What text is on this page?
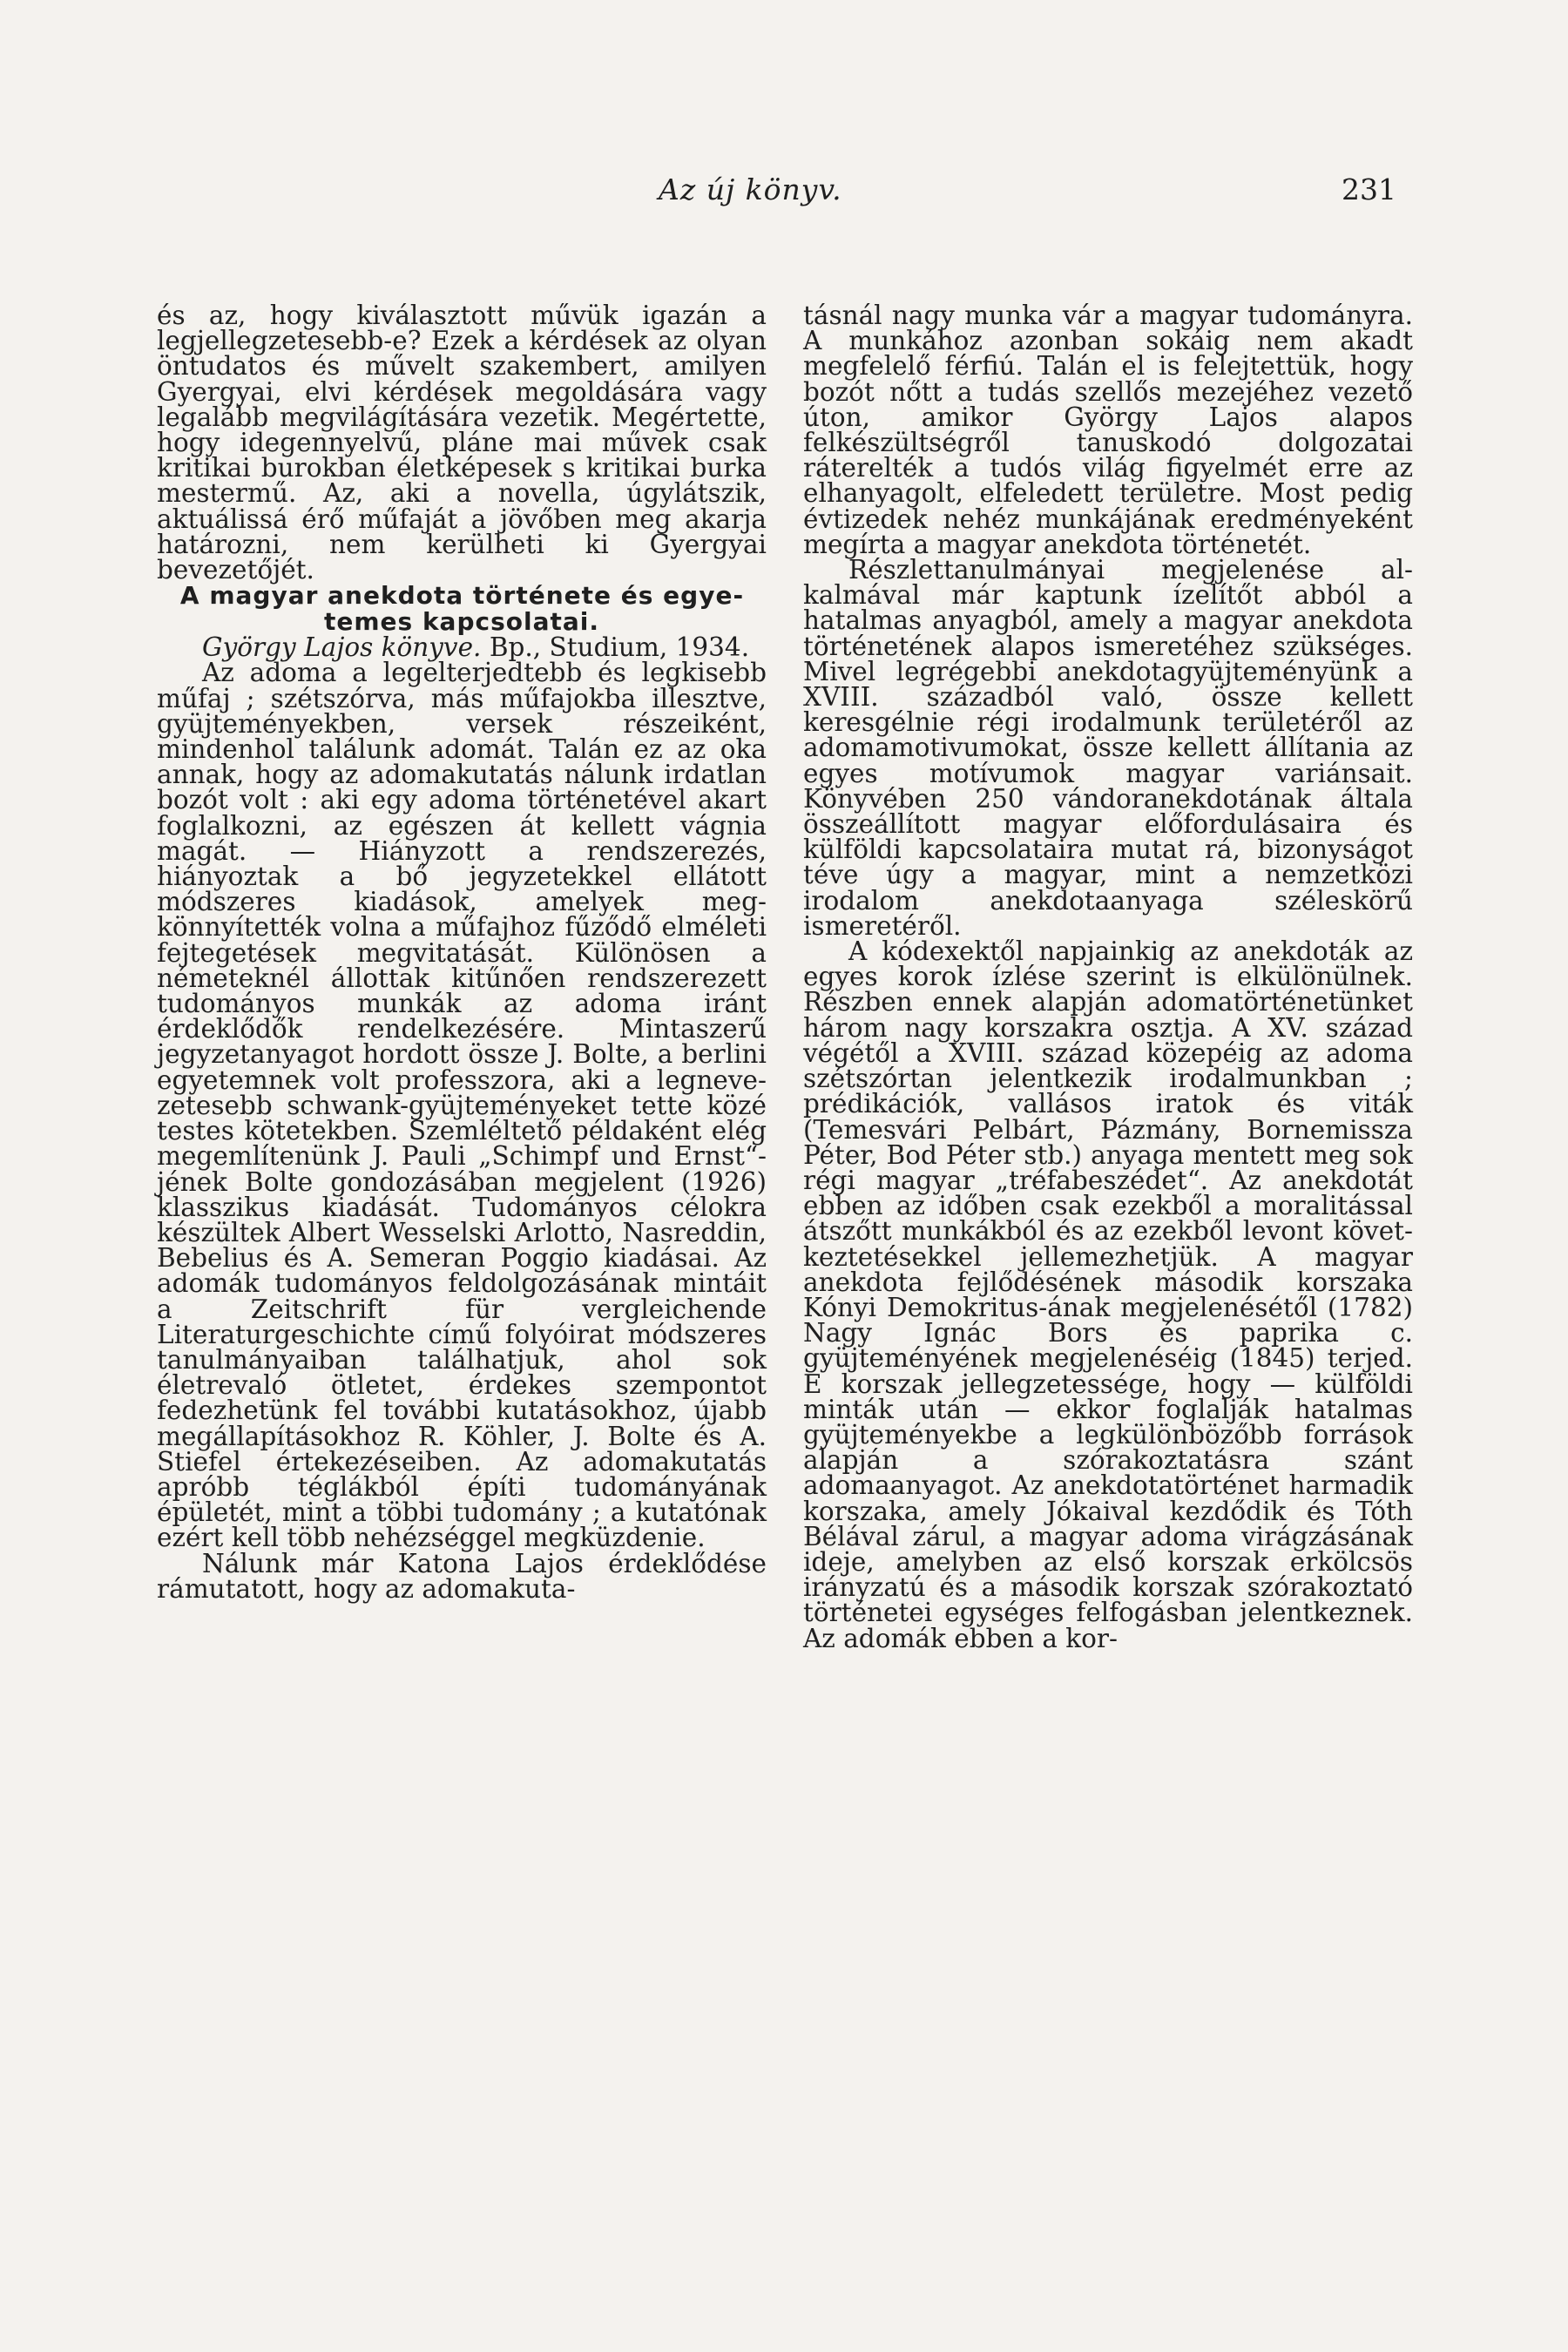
Az új könyv.	231

és az, hogy kiválasztott művük igazán a legjellegzetesebb-e? Ezek a kérdések az olyan öntudatos és művelt szakembert, amilyen Gyergyai, elvi kérdések megoldására vagy legalább megvilágítására vezetik. Megértette, hogy idegennyelvű, pláne mai művek csak kritikai burokban életképesek s kritikai burka mestermű. Az, aki a novella, úgylátszik, aktuálissá érő műfaját a jövőben meg akarja határozni, nem kerülheti ki Gyergyai bevezetőjét.

A magyar anekdota története és egyetemes kapcsolatai.

György Lajos könyve. Bp., Studium, 1934.

Az adoma a legelterjedtebb és legkisebb műfaj ; szétszórva, más műfajokba illesztve, gyüjteményekben, versek részeiként, mindenhol találunk adomát. Talán ez az oka annak, hogy az adomakutatás nálunk irdatlan bozót volt : aki egy adoma történetével akart foglalkozni, az egészen át kellett vágnia magát. — Hiányzott a rendszerezés, hiányoztak a bő jegyzetekkel ellátott módszeres kiadások, amelyek megkönnyítették volna a műfajhoz fűződő elméleti fejtegetések megvitatását. Különösen a németeknél állottak kitűnően rendszerezett tudományos munkák az adoma iránt érdeklődők rendelkezésére. Mintaszerű jegyzetanyagot hordott össze J. Bolte, a berlini egyetemnek volt professzora, aki a legnevezetesebb schwank-gyüjteményeket tette közé testes kötetekben. Szemléltető példaként elég megemlítenünk J. Pauli „Schimpf und Ernst“-jének Bolte gondozásában megjelent (1926) klasszikus kiadását. Tudományos célokra készültek Albert Wesselski Arlotto, Nasreddin, Bebelius és A. Semeran Poggio kiadásai. Az adomák tudományos feldolgozásának mintáit a Zeitschrift für vergleichende Literaturgeschichte című folyóirat módszeres tanulmányaiban találhatjuk, ahol sok életrevaló ötletet, érdekes szempontot fedezhetünk fel további kutatásokhoz, újabb megállapításokhoz R. Köhler, J. Bolte és A. Stiefel értekezéseiben. Az adomakutatás apróbb téglákból építi tudományának épületét, mint a többi tudomány ; a kutatónak ezért kell több nehézséggel megküzdenie.

Nálunk már Katona Lajos érdeklődése rámutatott, hogy az adomakuta-

tásnál nagy munka vár a magyar tudományra. A munkához azonban sokáig nem akadt megfelelő férfiú. Talán el is felejtettük, hogy bozót nőtt a tudás szellős mezejéhez vezető úton, amikor György Lajos alapos felkészültségről tanuskodó dolgozatai ráterelték a tudós világ figyelmét erre az elhanyagolt, elfeledett területre. Most pedig évtizedek nehéz munkájának eredményeként megírta a magyar anekdota történetét.

Részlettanulmányai megjelenése alkalmával már kaptunk ízelítőt abból a hatalmas anyagból, amely a magyar anekdota történetének alapos ismeretéhez szükséges. Mivel legrégebbi anekdotagyüjteményünk a XVIII. századból való, össze kellett keresgélnie régi irodalmunk területéről az adomamotivumokat, össze kellett állítania az egyes motívumok magyar variánsait. Könyvében 250 vándoranekdotának általa összeállított magyar előfordulásaira és külföldi kapcsolataira mutat rá, bizonyságot téve úgy a magyar, mint a nemzetközi irodalom anekdotaanyaga széleskörű ismeretéről.

A kódexektől napjainkig az anekdoták az egyes korok ízlése szerint is elkülönülnek. Részben ennek alapján adomatörténetünket három nagy korszakra osztja. A XV. század végétől a XVIII. század közepéig az adoma szétszórtan jelentkezik irodalmunkban ; prédikációk, vallásos iratok és viták (Temesvári Pelbárt, Pázmány, Bornemissza Péter, Bod Péter stb.) anyaga mentett meg sok régi magyar „tréfabeszédet“. Az anekdotát ebben az időben csak ezekből a moralitással átszőtt munkákból és az ezekből levont következtetésekkel jellemezhetjük. A magyar anekdota fejlődésének második korszaka Kónyi Demokritus-ának megjelenésétől (1782) Nagy Ignác Bors és paprika c. gyüjteményének megjelenéséig (1845) terjed. E korszak jellegzetessége, hogy — külföldi minták után — ekkor foglalják hatalmas gyüjteményekbe a legkülönbözőbb források alapján a szórakoztatásra szánt adomaanyagot. Az anekdotatörténet harmadik korszaka, amely Jókaival kezdődik és Tóth Bélával zárul, a magyar adoma virágzásának ideje, amelyben az első korszak erkölcsös irányzatú és a második korszak szórakoztató történetei egységes felfogásban jelentkeznek. Az adomák ebben a kor-
